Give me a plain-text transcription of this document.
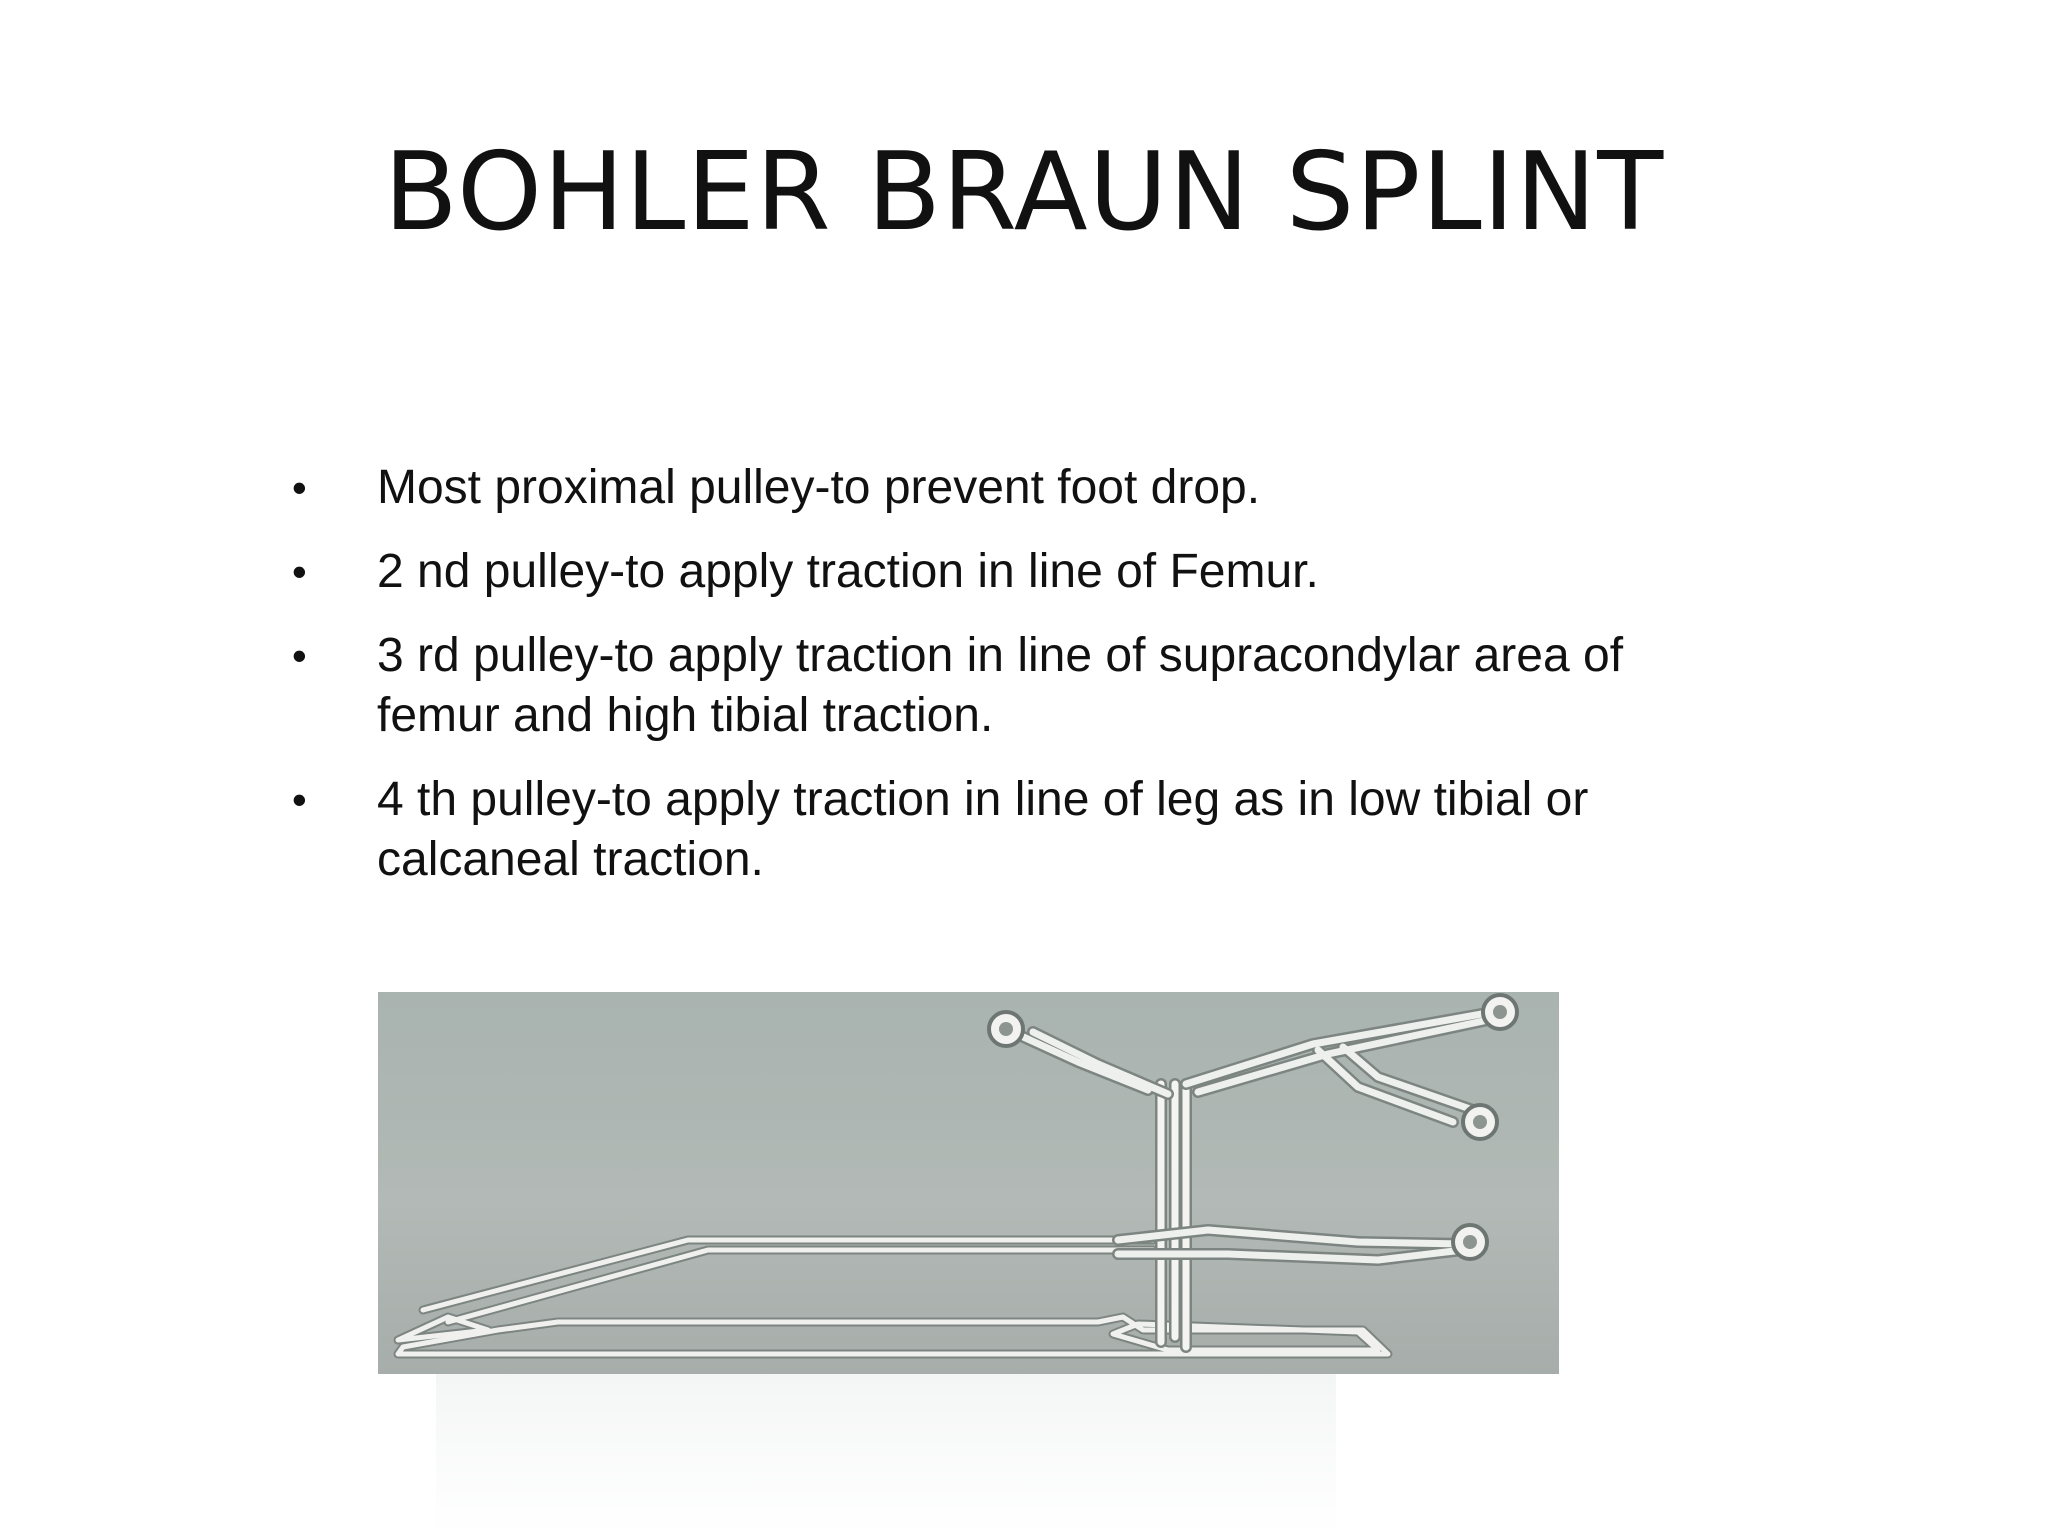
BOHLER BRAUN SPLINT
•	Most proximal pulley-to prevent foot drop.
•	2 nd pulley-to apply traction in line of Femur.
•	3 rd pulley-to apply traction in line of supracondylar area of femur and high tibial traction.
•	4 th pulley-to apply traction in line of leg as in low tibial or calcaneal traction.
